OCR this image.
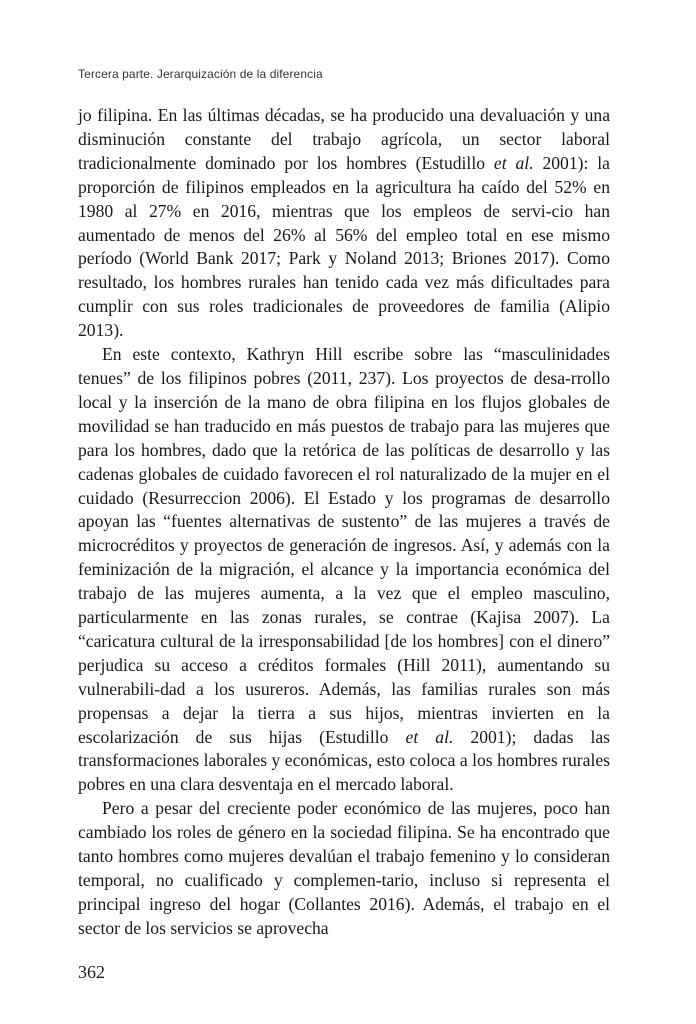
Tercera parte. Jerarquización de la diferencia

jo filipina. En las últimas décadas, se ha producido una devaluación y una disminución constante del trabajo agrícola, un sector laboral tradicionalmente dominado por los hombres (Estudillo et al. 2001): la proporción de filipinos empleados en la agricultura ha caído del 52% en 1980 al 27% en 2016, mientras que los empleos de servi-cio han aumentado de menos del 26% al 56% del empleo total en ese mismo período (World Bank 2017; Park y Noland 2013; Briones 2017). Como resultado, los hombres rurales han tenido cada vez más dificultades para cumplir con sus roles tradicionales de proveedores de familia (Alipio 2013).

En este contexto, Kathryn Hill escribe sobre las “masculinidades tenues” de los filipinos pobres (2011, 237). Los proyectos de desa-rrollo local y la inserción de la mano de obra filipina en los flujos globales de movilidad se han traducido en más puestos de trabajo para las mujeres que para los hombres, dado que la retórica de las políticas de desarrollo y las cadenas globales de cuidado favorecen el rol naturalizado de la mujer en el cuidado (Resurreccion 2006). El Estado y los programas de desarrollo apoyan las “fuentes alternativas de sustento” de las mujeres a través de microcréditos y proyectos de generación de ingresos. Así, y además con la feminización de la migración, el alcance y la importancia económica del trabajo de las mujeres aumenta, a la vez que el empleo masculino, particularmente en las zonas rurales, se contrae (Kajisa 2007). La “caricatura cultural de la irresponsabilidad [de los hombres] con el dinero” perjudica su acceso a créditos formales (Hill 2011), aumentando su vulnerabili-dad a los usureros. Además, las familias rurales son más propensas a dejar la tierra a sus hijos, mientras invierten en la escolarización de sus hijas (Estudillo et al. 2001); dadas las transformaciones laborales y económicas, esto coloca a los hombres rurales pobres en una clara desventaja en el mercado laboral.

Pero a pesar del creciente poder económico de las mujeres, poco han cambiado los roles de género en la sociedad filipina. Se ha encontrado que tanto hombres como mujeres devalúan el trabajo femenino y lo consideran temporal, no cualificado y complemen-tario, incluso si representa el principal ingreso del hogar (Collantes 2016). Además, el trabajo en el sector de los servicios se aprovecha

362
